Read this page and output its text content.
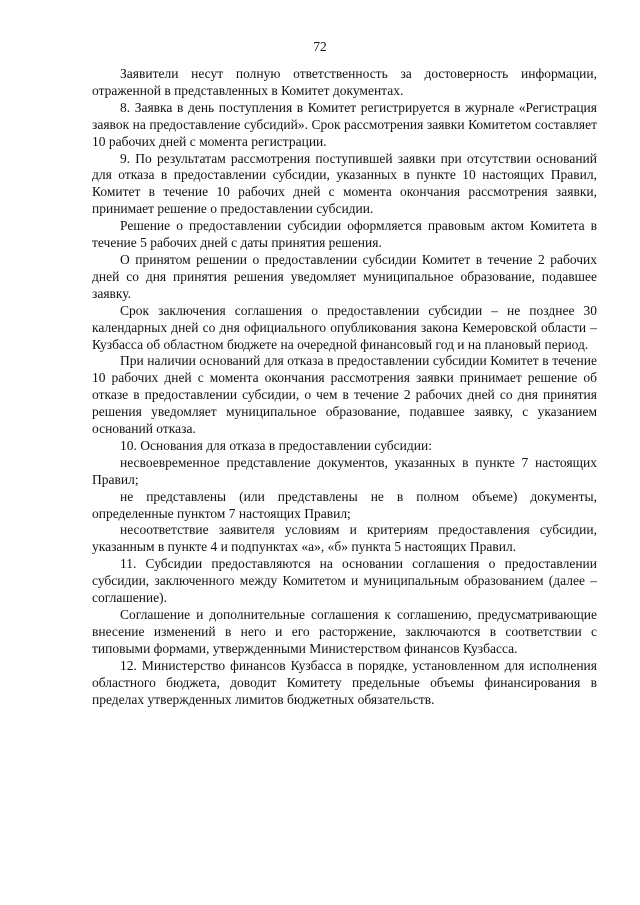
72

Заявители несут полную ответственность за достоверность информации, отраженной в представленных в Комитет документах.

8. Заявка в день поступления в Комитет регистрируется в журнале «Регистрация заявок на предоставление субсидий». Срок рассмотрения заявки Комитетом составляет 10 рабочих дней с момента регистрации.

9. По результатам рассмотрения поступившей заявки при отсутствии оснований для отказа в предоставлении субсидии, указанных в пункте 10 настоящих Правил, Комитет в течение 10 рабочих дней с момента окончания рассмотрения заявки, принимает решение о предоставлении субсидии.

Решение о предоставлении субсидии оформляется правовым актом Комитета в течение 5 рабочих дней с даты принятия решения.

О принятом решении о предоставлении субсидии Комитет в течение 2 рабочих дней со дня принятия решения уведомляет муниципальное образование, подавшее заявку.

Срок заключения соглашения о предоставлении субсидии – не позднее 30 календарных дней со дня официального опубликования закона Кемеровской области – Кузбасса об областном бюджете на очередной финансовый год и на плановый период.

При наличии оснований для отказа в предоставлении субсидии Комитет в течение 10 рабочих дней с момента окончания рассмотрения заявки принимает решение об отказе в предоставлении субсидии, о чем в течение 2 рабочих дней со дня принятия решения уведомляет муниципальное образование, подавшее заявку, с указанием оснований отказа.

10. Основания для отказа в предоставлении субсидии:

несвоевременное представление документов, указанных в пункте 7 настоящих Правил;

не представлены (или представлены не в полном объеме) документы, определенные пунктом 7 настоящих Правил;

несоответствие заявителя условиям и критериям предоставления субсидии, указанным в пункте 4 и подпунктах «а», «б» пункта 5 настоящих Правил.

11. Субсидии предоставляются на основании соглашения о предоставлении субсидии, заключенного между Комитетом и муниципальным образованием (далее – соглашение).

Соглашение и дополнительные соглашения к соглашению, предусматривающие внесение изменений в него и его расторжение, заключаются в соответствии с типовыми формами, утвержденными Министерством финансов Кузбасса.

12. Министерство финансов Кузбасса в порядке, установленном для исполнения областного бюджета, доводит Комитету предельные объемы финансирования в пределах утвержденных лимитов бюджетных обязательств.
